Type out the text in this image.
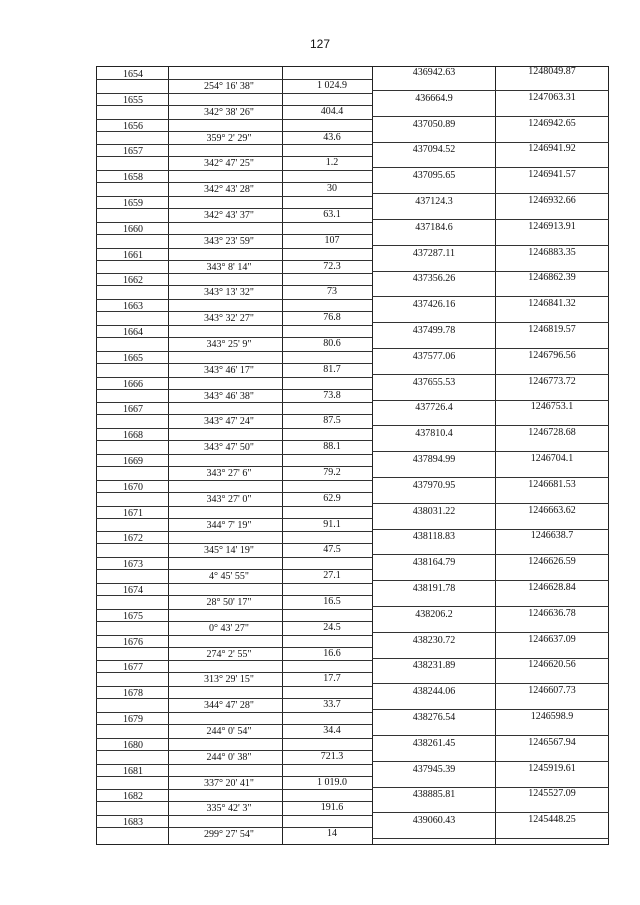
127
1654	436942.63	1248049.87
254° 16' 38"	1 024.9
1655	436664.9	1247063.31
342° 38' 26"	404.4
1656	437050.89	1246942.65
359° 2' 29"	43.6
1657	437094.52	1246941.92
342° 47' 25"	1.2
1658	437095.65	1246941.57
342° 43' 28"	30
1659	437124.3	1246932.66
342° 43' 37"	63.1
1660	437184.6	1246913.91
343° 23' 59"	107
1661	437287.11	1246883.35
343° 8' 14"	72.3
1662	437356.26	1246862.39
343° 13' 32"	73
1663	437426.16	1246841.32
343° 32' 27"	76.8
1664	437499.78	1246819.57
343° 25' 9"	80.6
1665	437577.06	1246796.56
343° 46' 17"	81.7
1666	437655.53	1246773.72
343° 46' 38"	73.8
1667	437726.4	1246753.1
343° 47' 24"	87.5
1668	437810.4	1246728.68
343° 47' 50"	88.1
1669	437894.99	1246704.1
343° 27' 6"	79.2
1670	437970.95	1246681.53
343° 27' 0"	62.9
1671	438031.22	1246663.62
344° 7' 19"	91.1
1672	438118.83	1246638.7
345° 14' 19"	47.5
1673	438164.79	1246626.59
4° 45' 55"	27.1
1674	438191.78	1246628.84
28° 50' 17"	16.5
1675	438206.2	1246636.78
0° 43' 27"	24.5
1676	438230.72	1246637.09
274° 2' 55"	16.6
1677	438231.89	1246620.56
313° 29' 15"	17.7
1678	438244.06	1246607.73
344° 47' 28"	33.7
1679	438276.54	1246598.9
244° 0' 54"	34.4
1680	438261.45	1246567.94
244° 0' 38"	721.3
1681	437945.39	1245919.61
337° 20' 41"	1 019.0
1682	438885.81	1245527.09
335° 42' 3"	191.6
1683	439060.43	1245448.25
299° 27' 54"	14
